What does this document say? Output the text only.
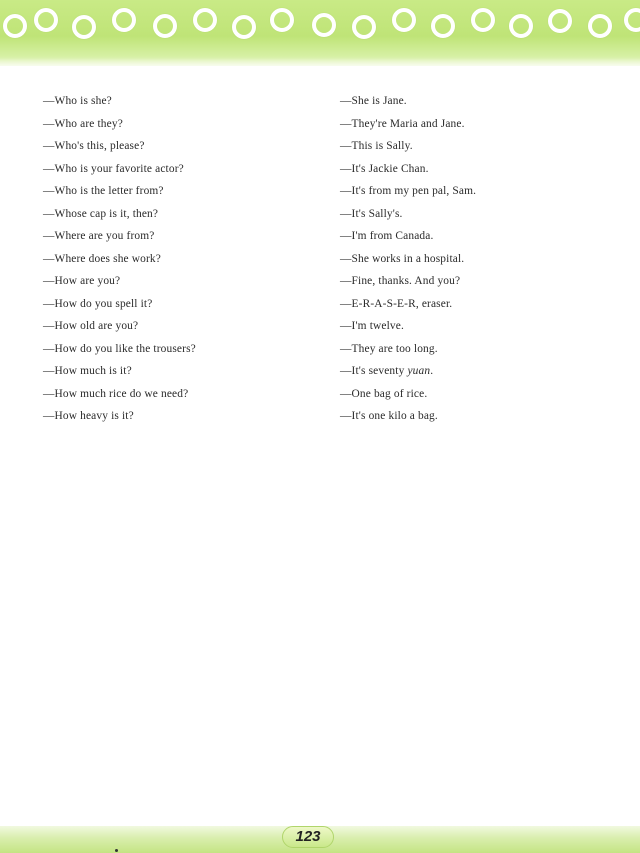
—Who is she?
—Who are they?
—Who's this, please?
—Who is your favorite actor?
—Who is the letter from?
—Whose cap is it, then?
—Where are you from?
—Where does she work?
—How are you?
—How do you spell it?
—How old are you?
—How do you like the trousers?
—How much is it?
—How much rice do we need?
—How heavy is it?
—She is Jane.
—They're Maria and Jane.
—This is Sally.
—It's Jackie Chan.
—It's from my pen pal, Sam.
—It's Sally's.
—I'm from Canada.
—She works in a hospital.
—Fine, thanks. And you?
—E-R-A-S-E-R, eraser.
—I'm twelve.
—They are too long.
—It's seventy yuan.
—One bag of rice.
—It's one kilo a bag.
123
